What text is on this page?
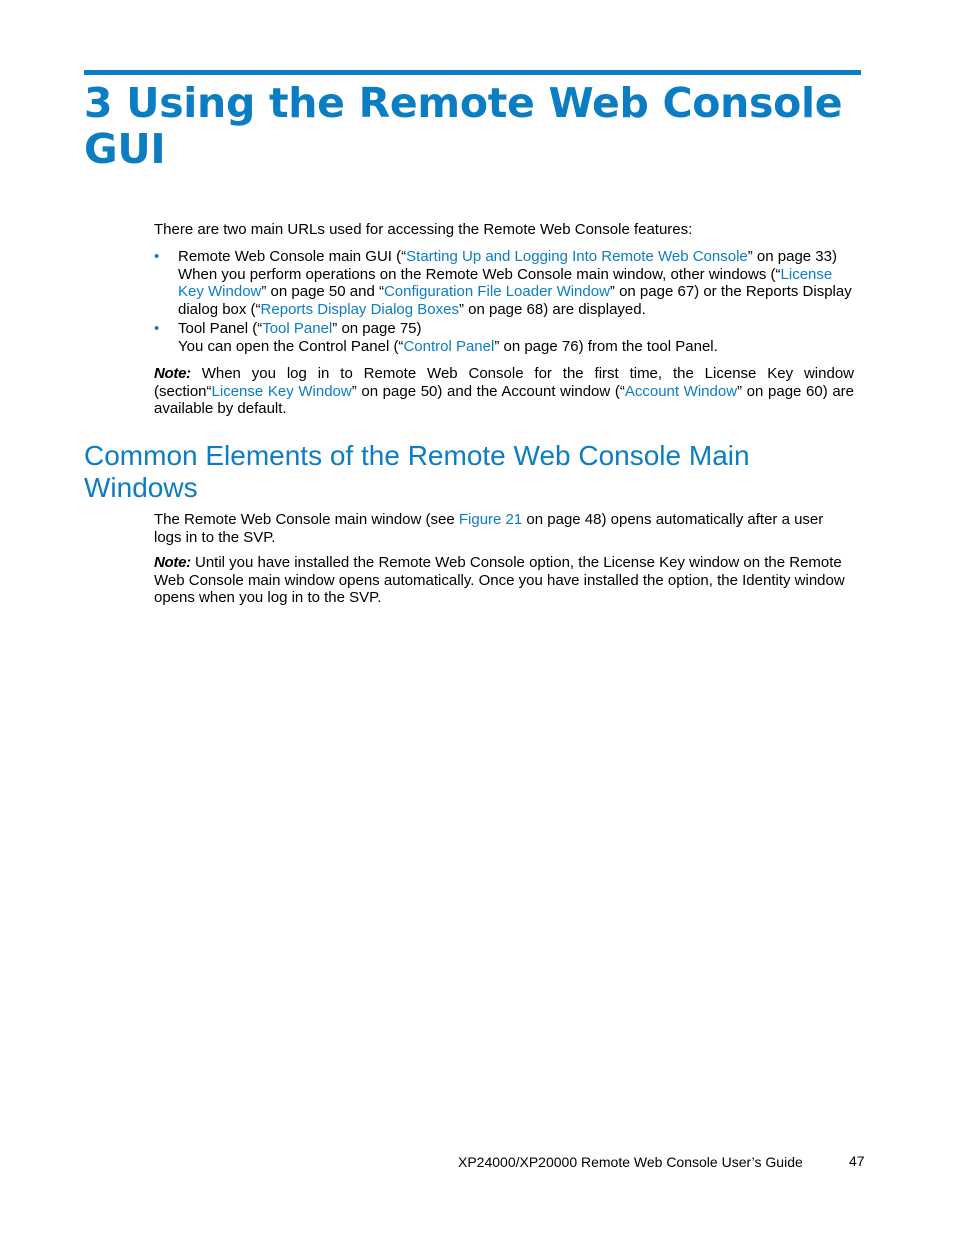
3 Using the Remote Web Console GUI

There are two main URLs used for accessing the Remote Web Console features:

• Remote Web Console main GUI (“Starting Up and Logging Into Remote Web Console” on page 33)
When you perform operations on the Remote Web Console main window, other windows (“License Key Window” on page 50 and “Configuration File Loader Window” on page 67) or the Reports Display dialog box (“Reports Display Dialog Boxes” on page 68) are displayed.
• Tool Panel (“Tool Panel” on page 75)
You can open the Control Panel (“Control Panel” on page 76) from the tool Panel.

Note: When you log in to Remote Web Console for the first time, the License Key window (section“License Key Window” on page 50) and the Account window (“Account Window” on page 60) are available by default.

Common Elements of the Remote Web Console Main Windows

The Remote Web Console main window (see Figure 21 on page 48) opens automatically after a user logs in to the SVP.

Note: Until you have installed the Remote Web Console option, the License Key window on the Remote Web Console main window opens automatically. Once you have installed the option, the Identity window opens when you log in to the SVP.

XP24000/XP20000 Remote Web Console User’s Guide	47
